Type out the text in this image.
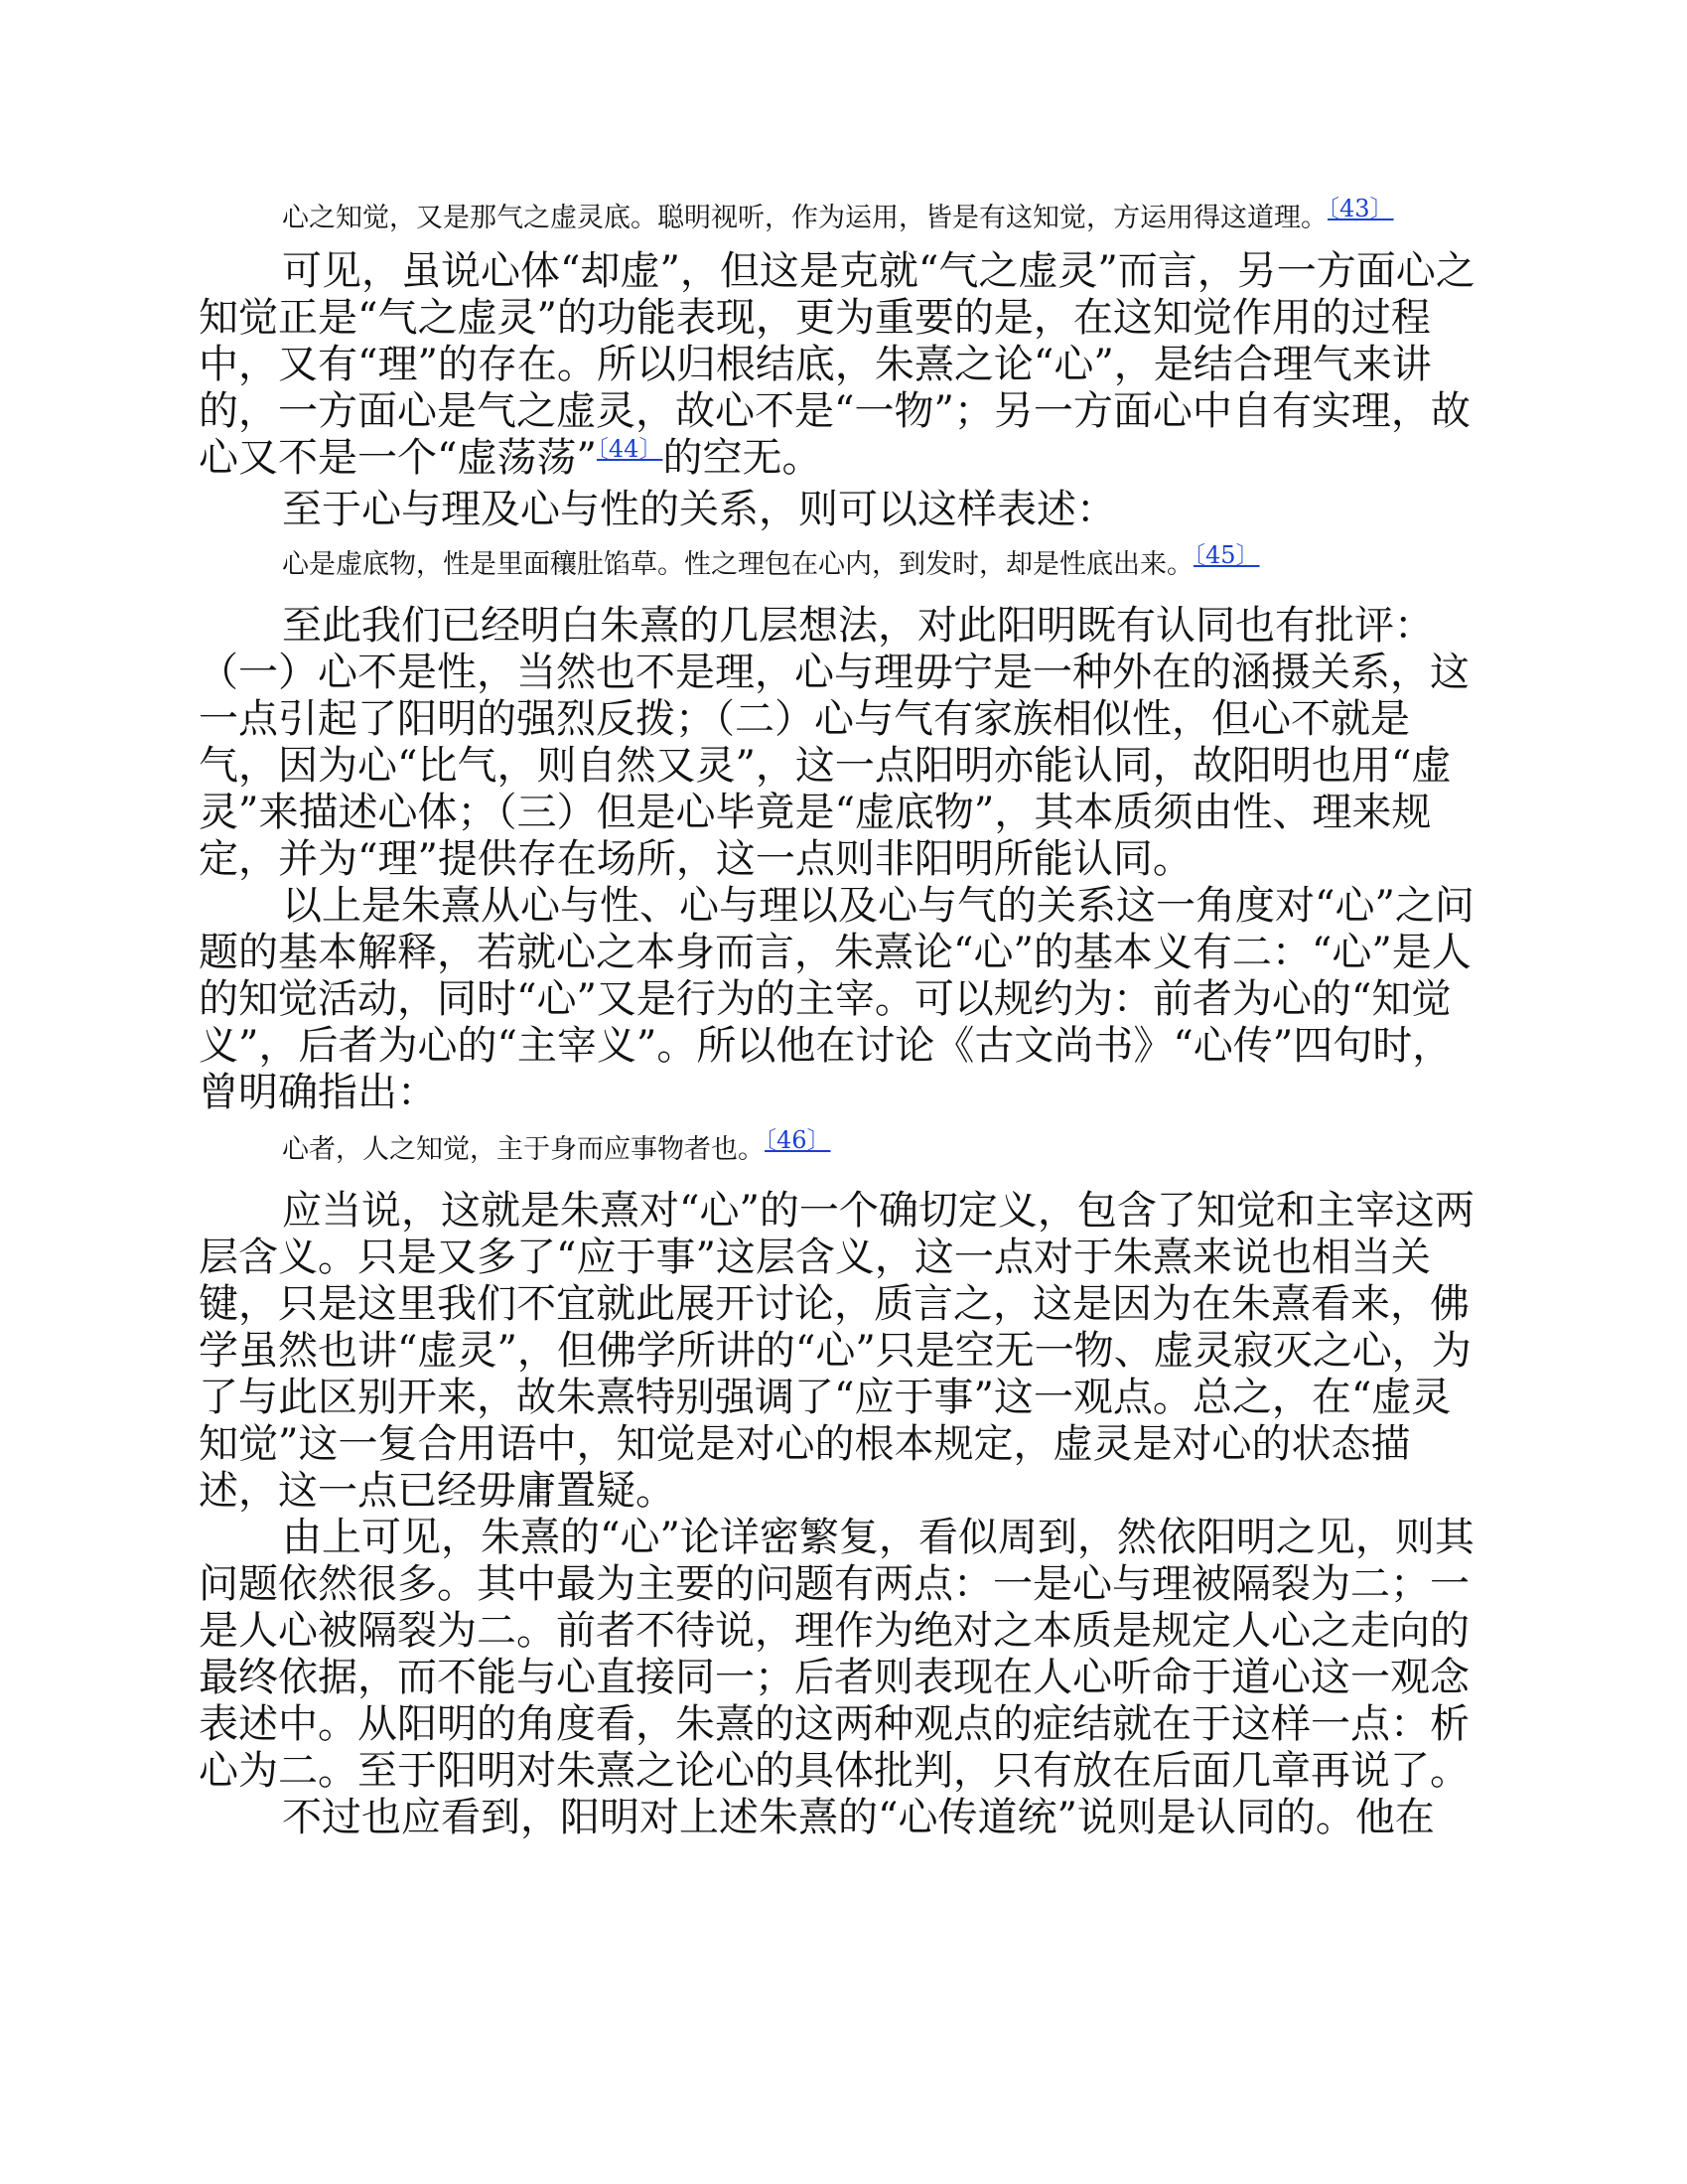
心之知觉，又是那气之虚灵底。聪明视听，作为运用，皆是有这知觉，方运用得这道理。〔43〕

可见，虽说心体“却虚”，但这是克就“气之虚灵”而言，另一方面心之知觉正是“气之虚灵”的功能表现，更为重要的是，在这知觉作用的过程中，又有“理”的存在。所以归根结底，朱熹之论“心”，是结合理气来讲的，一方面心是气之虚灵，故心不是“一物”；另一方面心中自有实理，故心又不是一个“虚荡荡”$^{〔44〕}$的空无。

至于心与理及心与性的关系，则可以这样表述：

心是虚底物，性是里面穰肚馅草。性之理包在心内，到发时，却是性底出来。〔45〕

至此我们已经明白朱熹的几层想法，对此阳明既有认同也有批评：（一）心不是性，当然也不是理，心与理毋宁是一种外在的涵摄关系，这一点引起了阳明的强烈反拨；（二）心与气有家族相似性，但心不就是气，因为心“比气，则自然又灵”，这一点阳明亦能认同，故阳明也用“虚灵”来描述心体；（三）但是心毕竟是“虚底物”，其本质须由性、理来规定，并为“理”提供存在场所，这一点则非阳明所能认同。

以上是朱熹从心与性、心与理以及心与气的关系这一角度对“心”之问题的基本解释，若就心之本身而言，朱熹论“心”的基本义有二：“心”是人的知觉活动，同时“心”又是行为的主宰。可以规约为：前者为心的“知觉义”，后者为心的“主宰义”。所以他在讨论《古文尚书》“心传”四句时，曾明确指出：

心者，人之知觉，主于身而应事物者也。〔46〕

应当说，这就是朱熹对“心”的一个确切定义，包含了知觉和主宰这两层含义。只是又多了“应于事”这层含义，这一点对于朱熹来说也相当关键，只是这里我们不宜就此展开讨论，质言之，这是因为在朱熹看来，佛学虽然也讲“虚灵”，但佛学所讲的“心”只是空无一物、虚灵寂灭之心，为了与此区别开来，故朱熹特别强调了“应于事”这一观点。总之，在“虚灵知觉”这一复合用语中，知觉是对心的根本规定，虚灵是对心的状态描述，这一点已经毋庸置疑。

由上可见，朱熹的“心”论详密繁复，看似周到，然依阳明之见，则其问题依然很多。其中最为主要的问题有两点：一是心与理被隔裂为二；一是人心被隔裂为二。前者不待说，理作为绝对之本质是规定人心之走向的最终依据，而不能与心直接同一；后者则表现在人心听命于道心这一观念表述中。从阳明的角度看，朱熹的这两种观点的症结就在于这样一点：析心为二。至于阳明对朱熹之论心的具体批判，只有放在后面几章再说了。

不过也应看到，阳明对上述朱熹的“心传道统”说则是认同的。他在
